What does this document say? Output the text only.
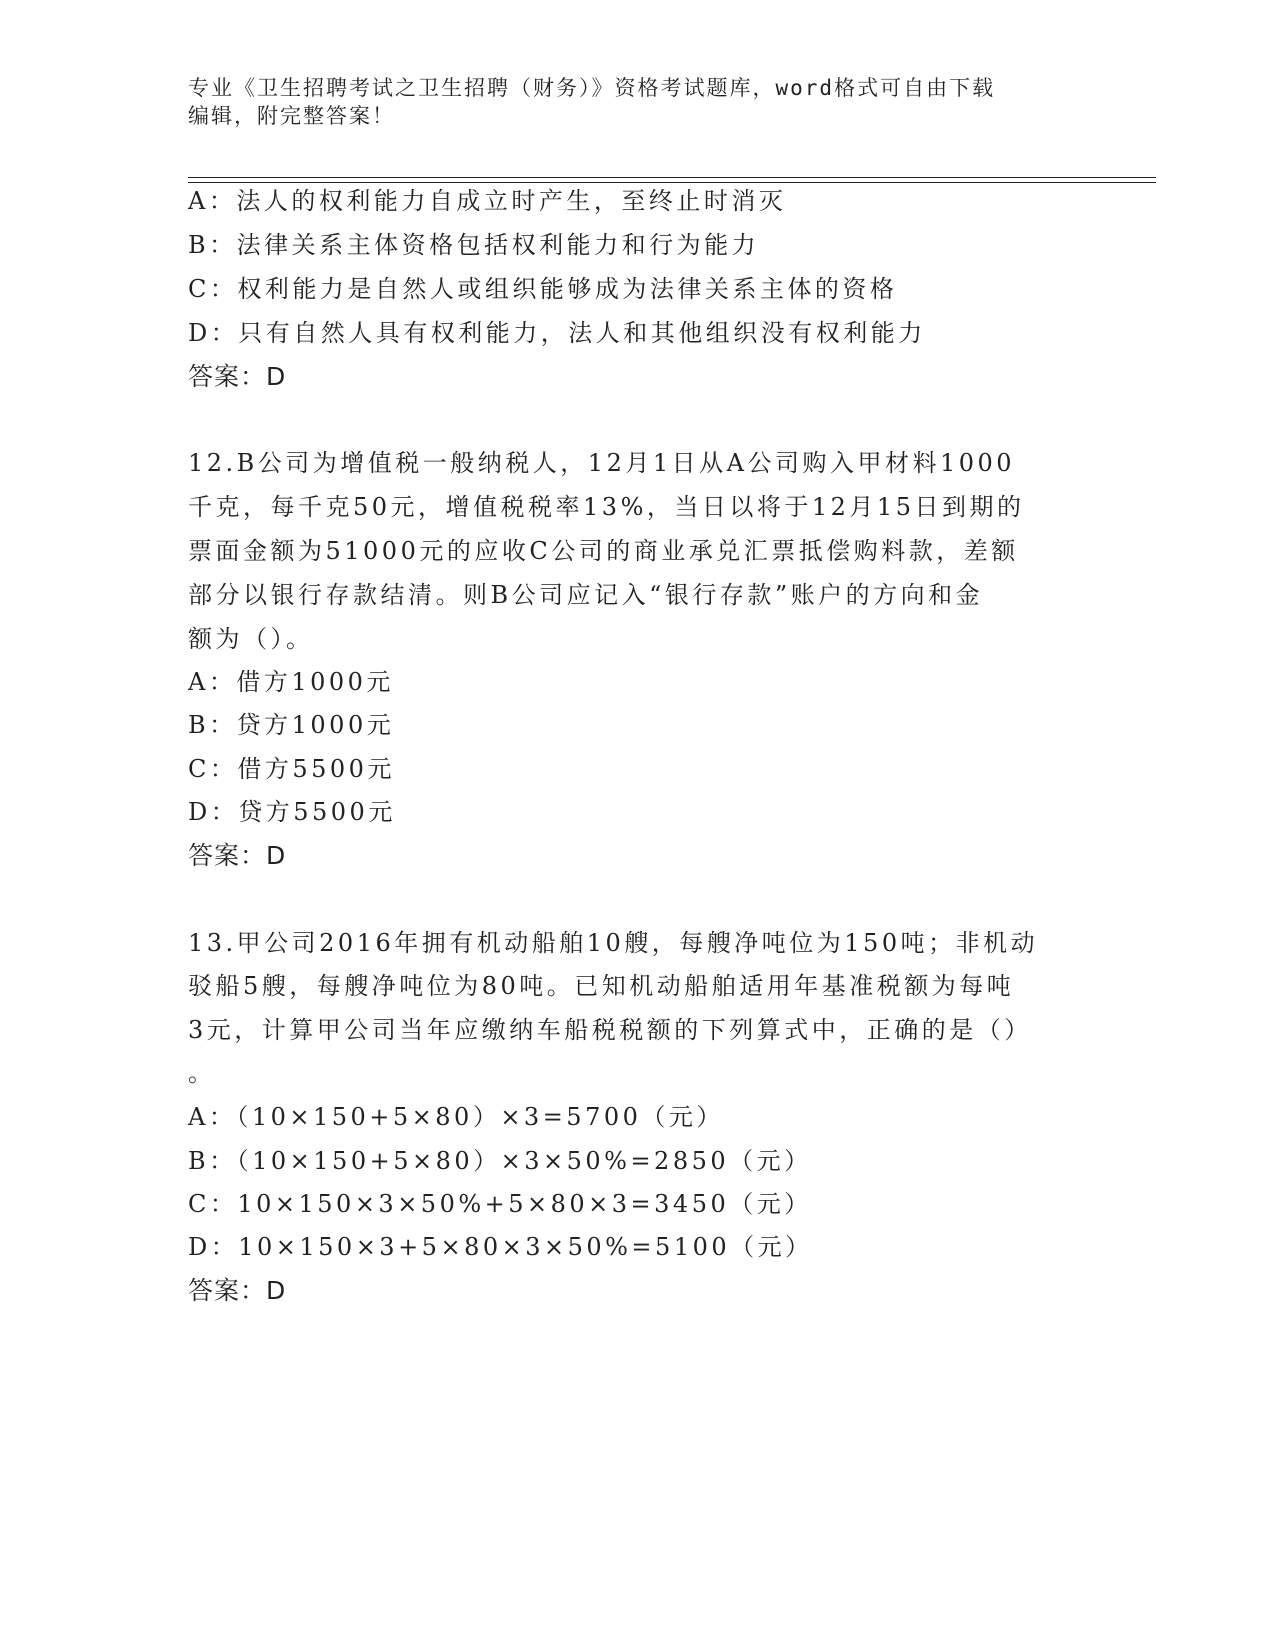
专业《卫生招聘考试之卫生招聘（财务）》资格考试题库，word格式可自由下载
编辑，附完整答案！
A：法人的权利能力自成立时产生，至终止时消灭
B：法律关系主体资格包括权利能力和行为能力
C：权利能力是自然人或组织能够成为法律关系主体的资格
D：只有自然人具有权利能力，法人和其他组织没有权利能力
答案：D
12.B公司为增值税一般纳税人，12月1日从A公司购入甲材料1000
千克，每千克50元，增值税税率13%，当日以将于12月15日到期的
票面金额为51000元的应收C公司的商业承兑汇票抵偿购料款，差额
部分以银行存款结清。则B公司应记入“银行存款”账户的方向和金
额为（）。
A：借方1000元
B：贷方1000元
C：借方5500元
D：贷方5500元
答案：D
13.甲公司2016年拥有机动船舶10艘，每艘净吨位为150吨；非机动
驳船5艘，每艘净吨位为80吨。已知机动船舶适用年基准税额为每吨
3元，计算甲公司当年应缴纳车船税税额的下列算式中，正确的是（）
。
A：（10×150+5×80）×3=5700（元）
B：（10×150+5×80）×3×50%=2850（元）
C：10×150×3×50%+5×80×3=3450（元）
D：10×150×3+5×80×3×50%=5100（元）
答案：D
